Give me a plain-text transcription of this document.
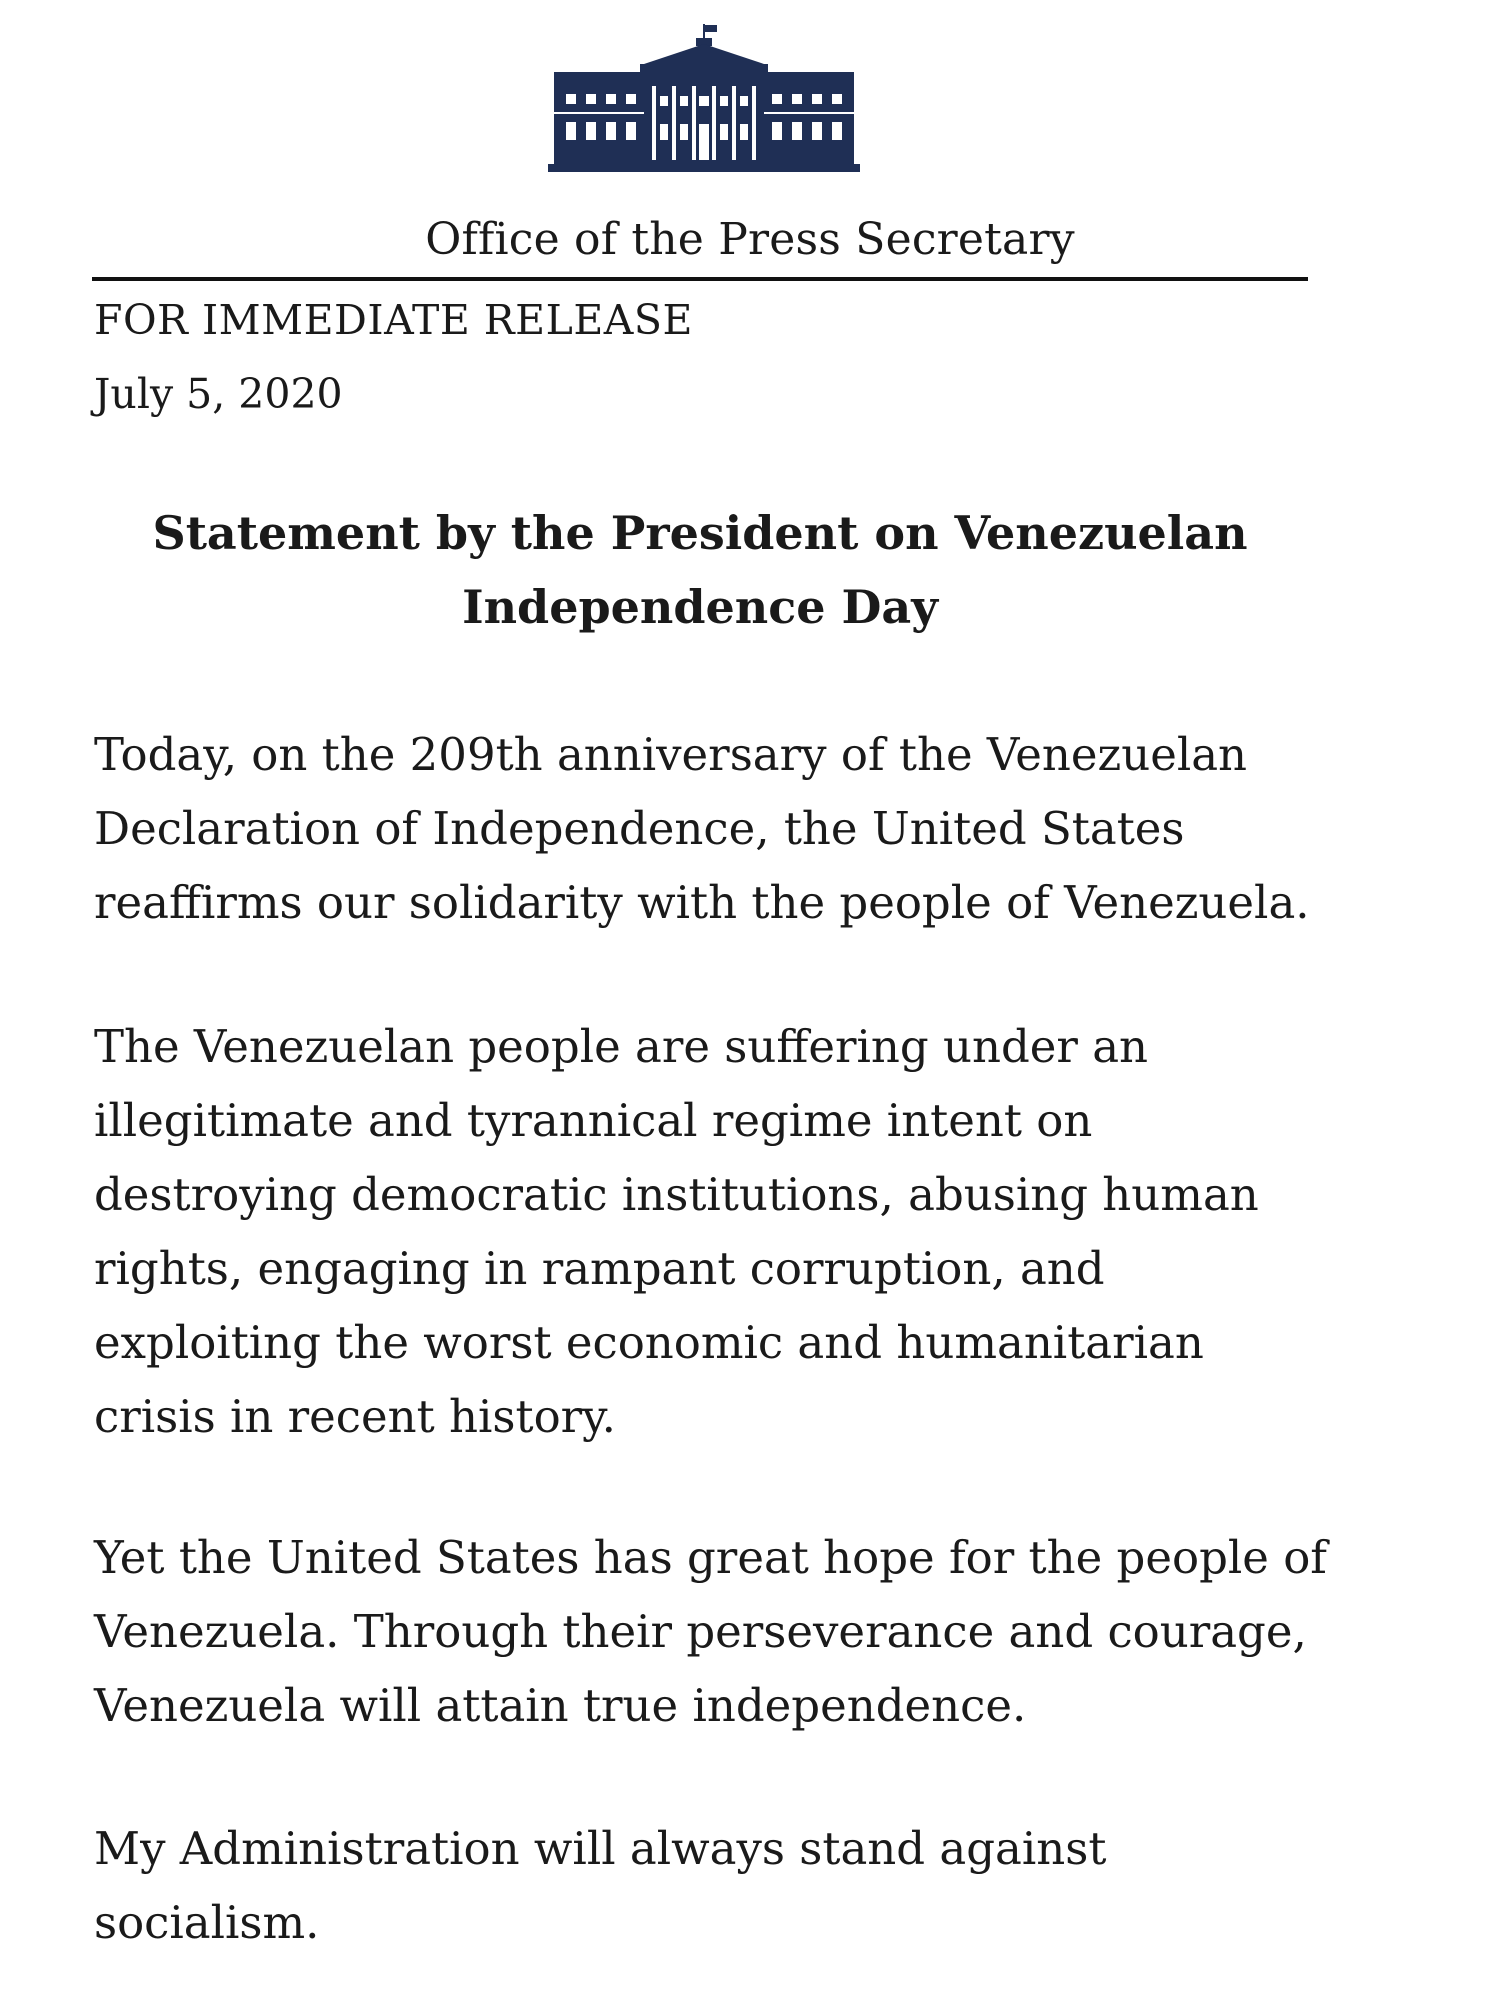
Office of the Press Secretary
FOR IMMEDIATE RELEASE
July 5, 2020
Statement by the President on Venezuelan
Independence Day

Today, on the 209th anniversary of the Venezuelan
Declaration of Independence, the United States
reaffirms our solidarity with the people of Venezuela.

The Venezuelan people are suffering under an
illegitimate and tyrannical regime intent on
destroying democratic institutions, abusing human
rights, engaging in rampant corruption, and
exploiting the worst economic and humanitarian
crisis in recent history.

Yet the United States has great hope for the people of
Venezuela. Through their perseverance and courage,
Venezuela will attain true independence.

My Administration will always stand against
socialism.
